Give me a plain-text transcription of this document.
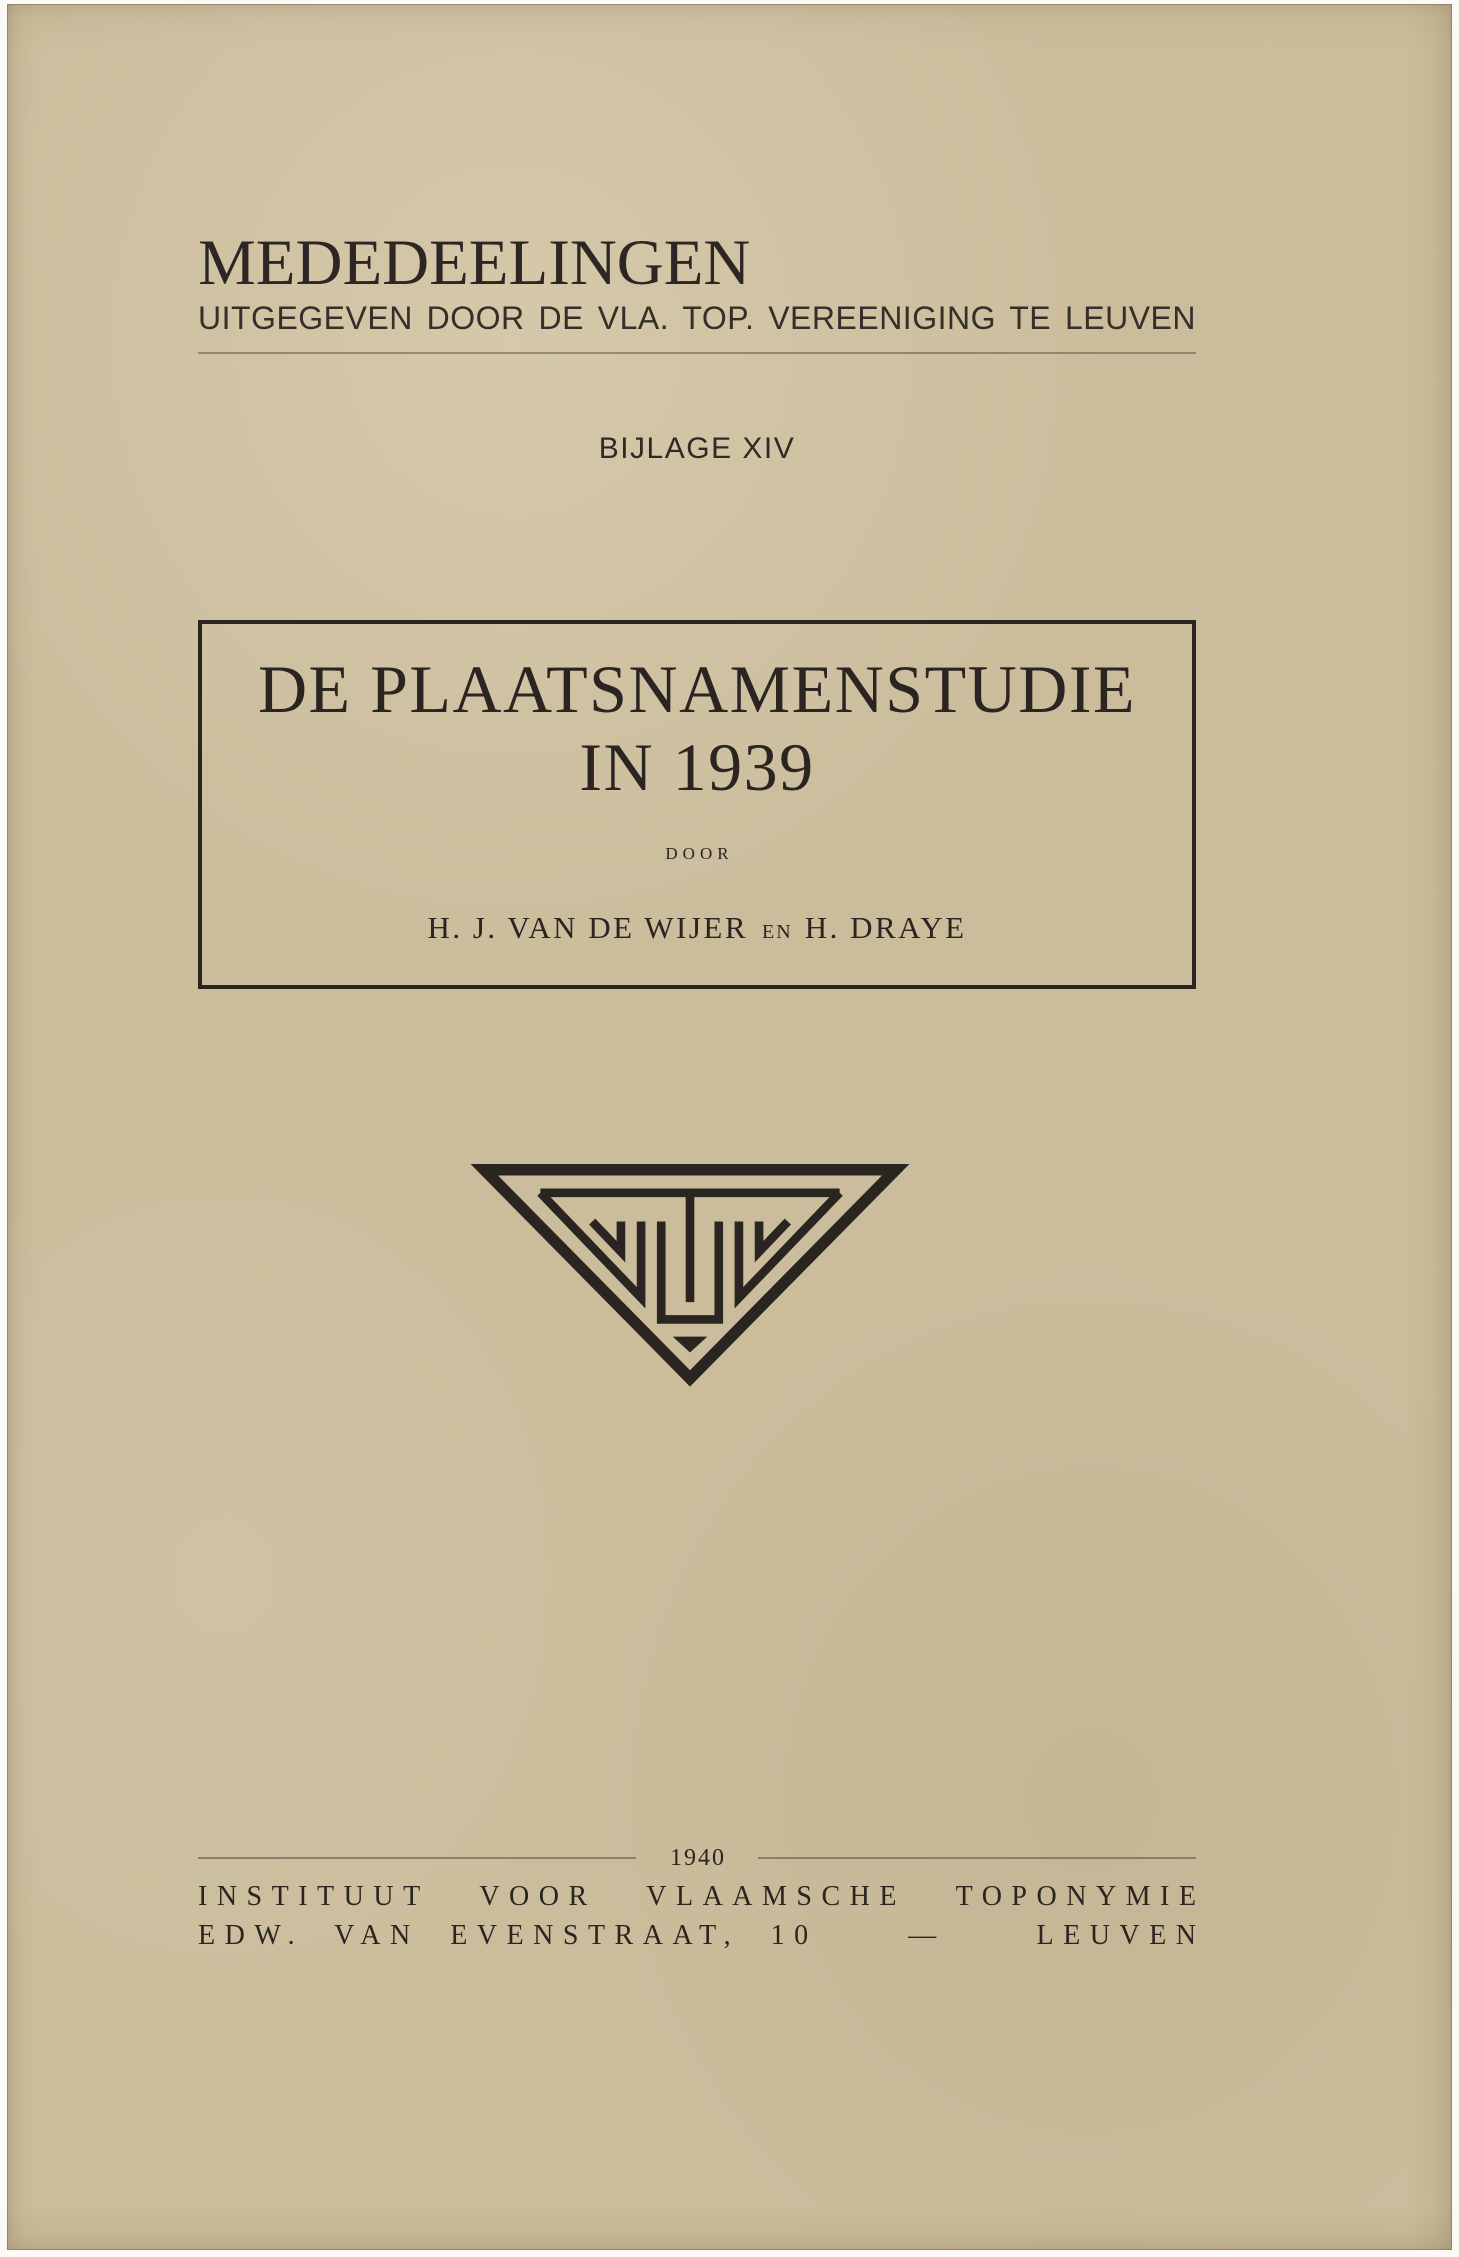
MEDEDEELINGEN
UITGEGEVEN DOOR DE VLA. TOP. VEREENIGING TE LEUVEN
BIJLAGE XIV
DE PLAATSNAMENSTUDIE
IN 1939
DOOR
H. J. VAN DE WIJER EN H. DRAYE
1940
INSTITUUT VOOR VLAAMSCHE TOPONYMIE
EDW. VAN EVENSTRAAT, 10	—	LEUVEN
